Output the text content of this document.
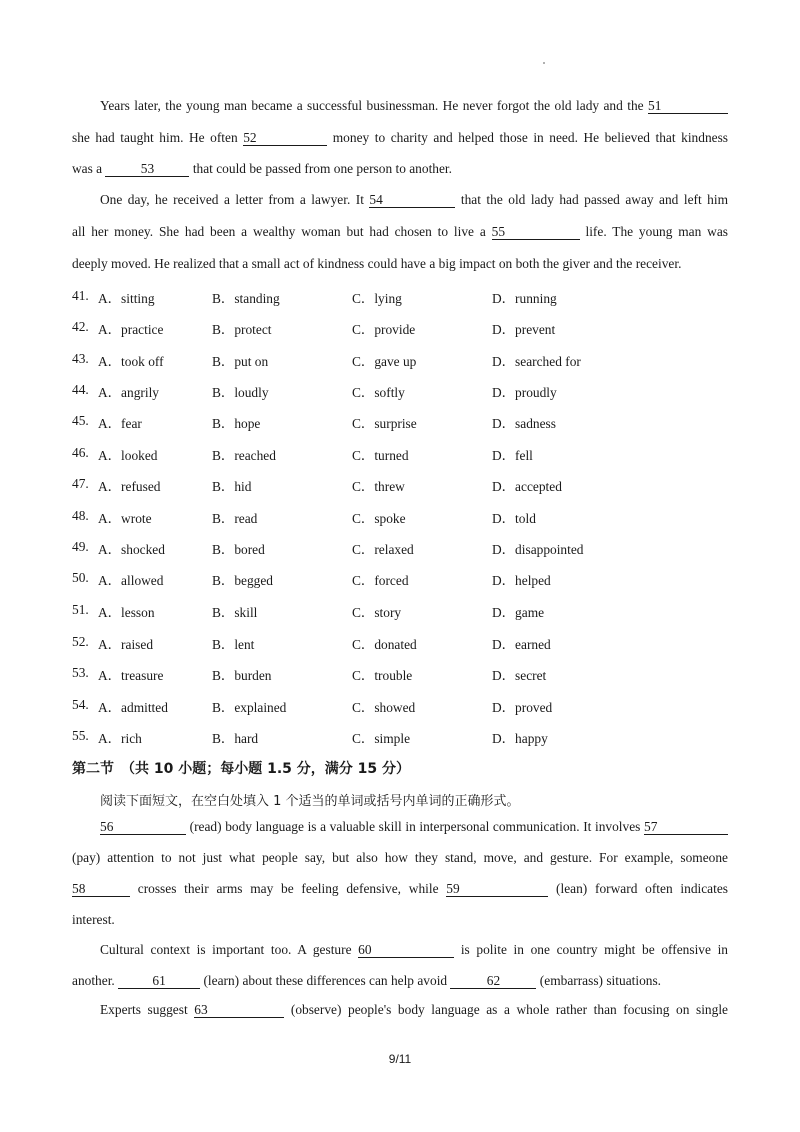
Years later, the young man became a successful businessman. He never forgot the old lady and the 51
she had taught him. He often 52	money to charity and helped those in need. He believed that kindness
was a	53	that could be passed from one person to another.
One day, he received a letter from a lawyer. It 54	that the old lady had passed away and left him
all her money. She had been a wealthy woman but had chosen to live a 55	life. The young man was
deeply moved. He realized that a small act of kindness could have a big impact on both the giver and the receiver.
41. A．sitting	B．standing	C．lying	D．running
42. A．practice	B．protect	C．provide	D．prevent
43. A．took off	B．put on	C．gave up	D．searched for
44. A．angrily	B．loudly	C．softly	D．proudly
45. A．fear	B．hope	C．surprise	D．sadness
46. A．looked	B．reached	C．turned	D．fell
47. A．refused	B．hid	C．threw	D．accepted
48. A．wrote	B．read	C．spoke	D．told
49. A．shocked	B．bored	C．relaxed	D．disappointed
50. A．allowed	B．begged	C．forced	D．helped
51. A．lesson	B．skill	C．story	D．game
52. A．raised	B．lent	C．donated	D．earned
53. A．treasure	B．burden	C．trouble	D．secret
54. A．admitted	B．explained	C．showed	D．proved
55. A．rich	B．hard	C．simple	D．happy
第二节　（共 10 小题；每小题 1.5 分，满分 15 分）
阅读下面短文，在空白处填入 1 个适当的单词或括号内单词的正确形式。
56	(read) body language is a valuable skill in interpersonal communication. It involves 57
(pay) attention to not just what people say, but also how they stand, move, and gesture. For example, someone
58	crosses their arms may be feeling defensive, while 59	(lean) forward often indicates
interest.
Cultural context is important too. A gesture 60	is polite in one country might be offensive in
another.	61	(learn) about these differences can help avoid	62	(embarrass) situations.
Experts suggest 63	(observe) people's body language as a whole rather than focusing on single
9/11
